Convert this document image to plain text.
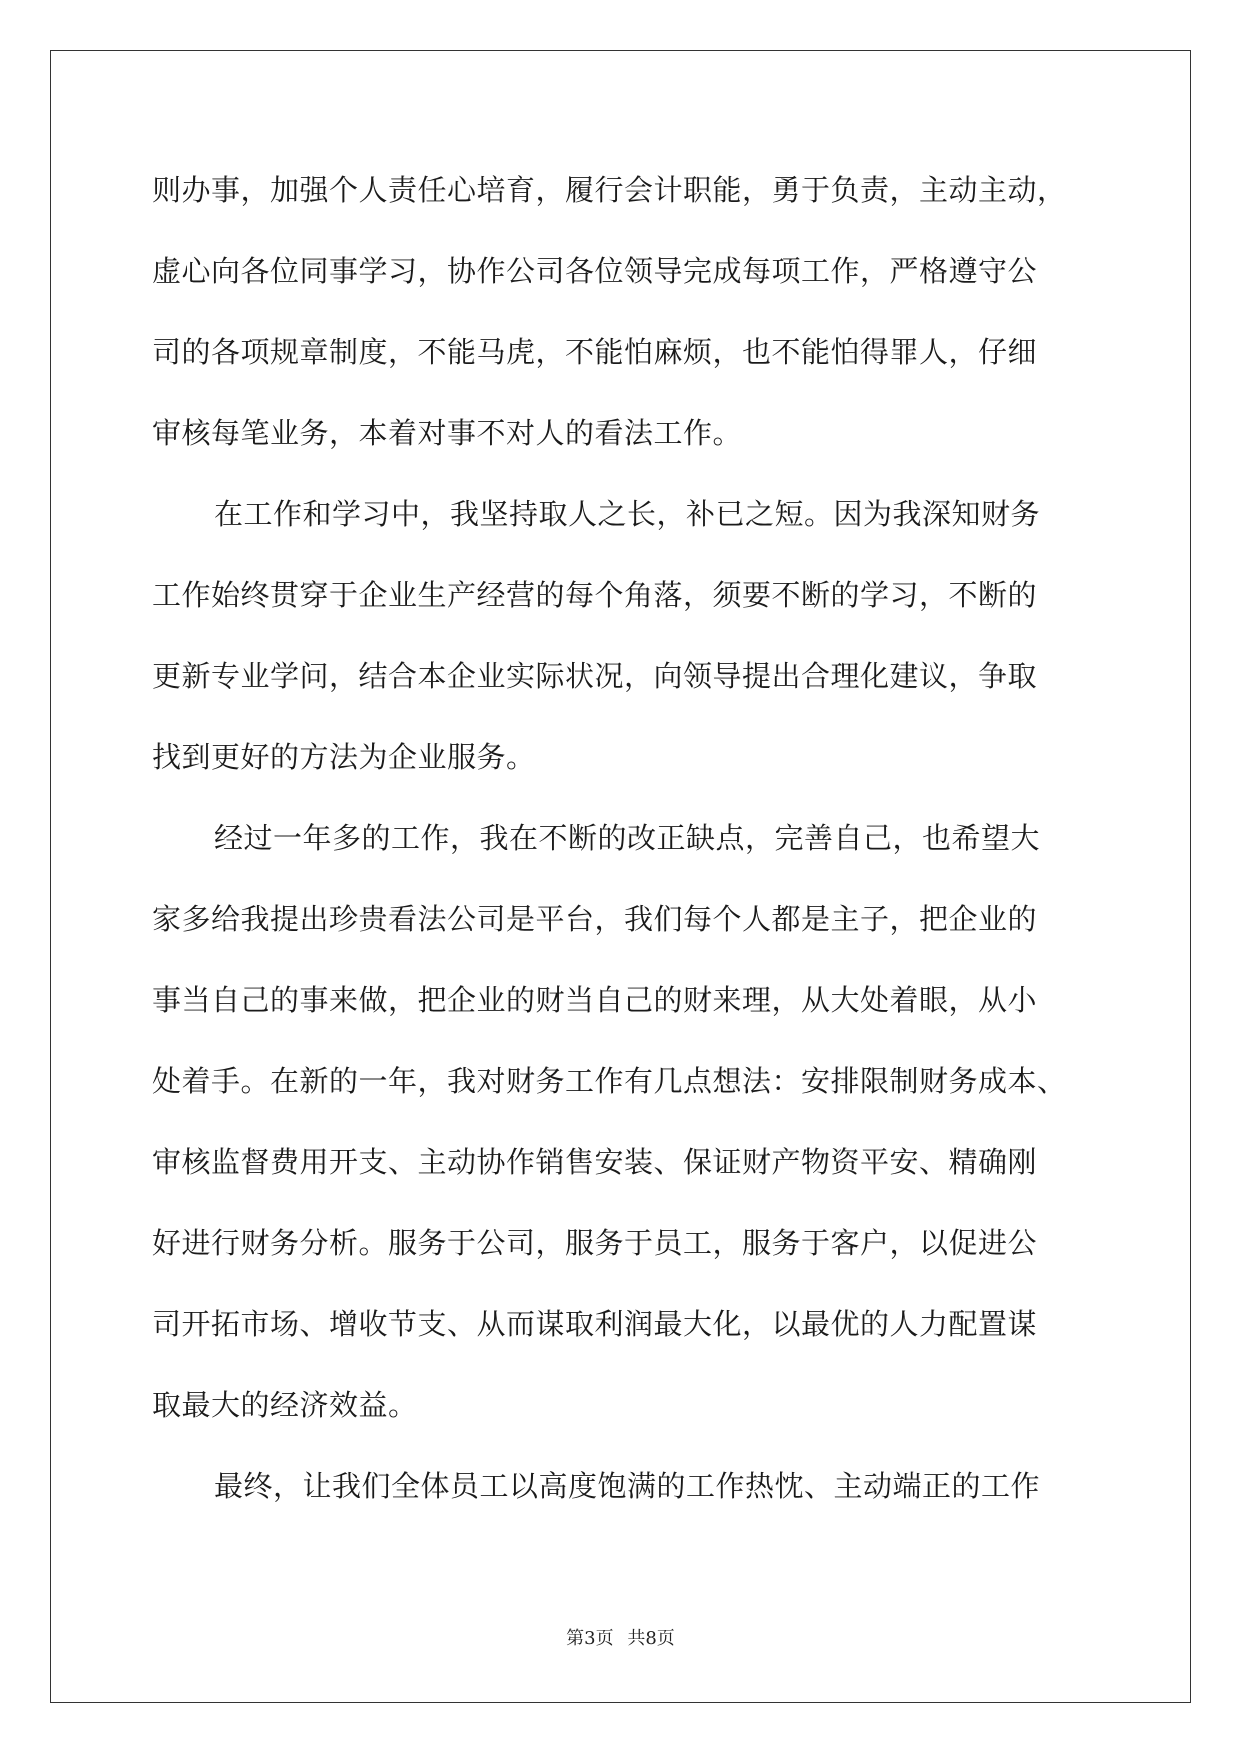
则办事，加强个人责任心培育，履行会计职能，勇于负责，主动主动，
虚心向各位同事学习，协作公司各位领导完成每项工作，严格遵守公
司的各项规章制度，不能马虎，不能怕麻烦，也不能怕得罪人，仔细
审核每笔业务，本着对事不对人的看法工作。
在工作和学习中，我坚持取人之长，补已之短。因为我深知财务
工作始终贯穿于企业生产经营的每个角落，须要不断的学习，不断的
更新专业学问，结合本企业实际状况，向领导提出合理化建议，争取
找到更好的方法为企业服务。
经过一年多的工作，我在不断的改正缺点，完善自己，也希望大
家多给我提出珍贵看法公司是平台，我们每个人都是主子，把企业的
事当自己的事来做，把企业的财当自己的财来理，从大处着眼，从小
处着手。在新的一年，我对财务工作有几点想法：安排限制财务成本、
审核监督费用开支、主动协作销售安装、保证财产物资平安、精确刚
好进行财务分析。服务于公司，服务于员工，服务于客户，以促进公
司开拓市场、增收节支、从而谋取利润最大化，以最优的人力配置谋
取最大的经济效益。
最终，让我们全体员工以高度饱满的工作热忱、主动端正的工作
第3页 共8页
